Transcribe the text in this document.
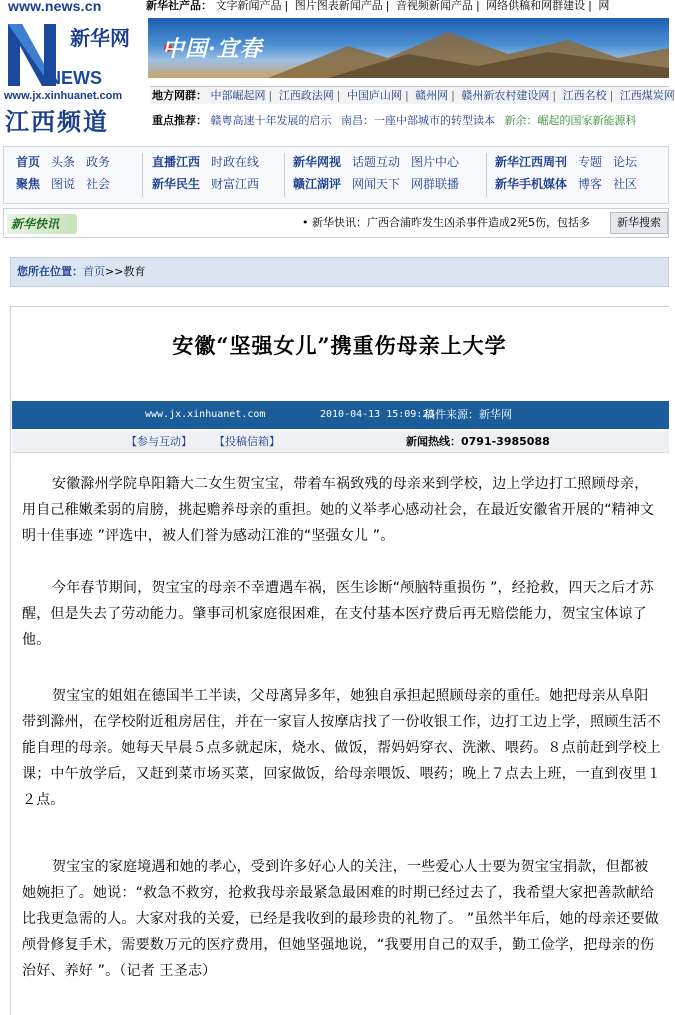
www.news.cn
NEWS
新华网
www.jx.xinhuanet.com
江西频道
新华社产品： 文字新闻产品 | 图片图表新闻产品 | 音视频新闻产品 | 网络供稿和网群建设 | 网
中国·宜春
地方网群： 中部崛起网 | 江西政法网 | 中国庐山网 | 赣州网 | 赣州新农村建设网 | 江西名校 | 江西煤炭网
重点推荐： 赣粤高速十年发展的启示 南昌：一座中部城市的转型读本 新余：崛起的国家新能源科
首页 头条 政务
聚焦 图说 社会
直播江西 时政在线
新华民生 财富江西
新华网视 话题互动 图片中心
赣江湖评 网闻天下 网群联播
新华江西周刊 专题 论坛
新华手机媒体 博客 社区
新华快讯	• 新华快讯：广西合浦昨发生凶杀事件造成2死5伤，包括多	新华搜索
您所在位置：首页>>教育
安徽“坚强女儿”携重伤母亲上大学
www.jx.xinhuanet.com	2010-04-13 15:09:23
稿件来源：新华网
【参与互动】 【投稿信箱】	新闻热线：0791-3985088

安徽滁州学院阜阳籍大二女生贺宝宝，带着车祸致残的母亲来到学校，边上学边打工照顾母亲，用自己稚嫩柔弱的肩膀，挑起赡养母亲的重担。她的义举孝心感动社会，在最近安徽省开展的“精神文明十佳事迹 ”评选中，被人们誉为感动江淮的“坚强女儿 ”。

今年春节期间，贺宝宝的母亲不幸遭遇车祸，医生诊断“颅脑特重损伤 ”，经抢救，四天之后才苏醒，但是失去了劳动能力。肇事司机家庭很困难，在支付基本医疗费后再无赔偿能力，贺宝宝体谅了他。

贺宝宝的姐姐在德国半工半读，父母离异多年，她独自承担起照顾母亲的重任。她把母亲从阜阳带到滁州，在学校附近租房居住，并在一家盲人按摩店找了一份收银工作，边打工边上学，照顾生活不能自理的母亲。她每天早晨５点多就起床，烧水、做饭，帮妈妈穿衣、洗漱、喂药。８点前赶到学校上课；中午放学后，又赶到菜市场买菜，回家做饭，给母亲喂饭、喂药；晚上７点去上班，一直到夜里１２点。

贺宝宝的家庭境遇和她的孝心，受到许多好心人的关注，一些爱心人士要为贺宝宝捐款，但都被她婉拒了。她说：“救急不救穷，抢救我母亲最紧急最困难的时期已经过去了，我希望大家把善款献给比我更急需的人。大家对我的关爱，已经是我收到的最珍贵的礼物了。 ”虽然半年后，她的母亲还要做颅骨修复手术，需要数万元的医疗费用，但她坚强地说，“我要用自己的双手，勤工俭学，把母亲的伤治好、养好 ”。（记者 王圣志）
